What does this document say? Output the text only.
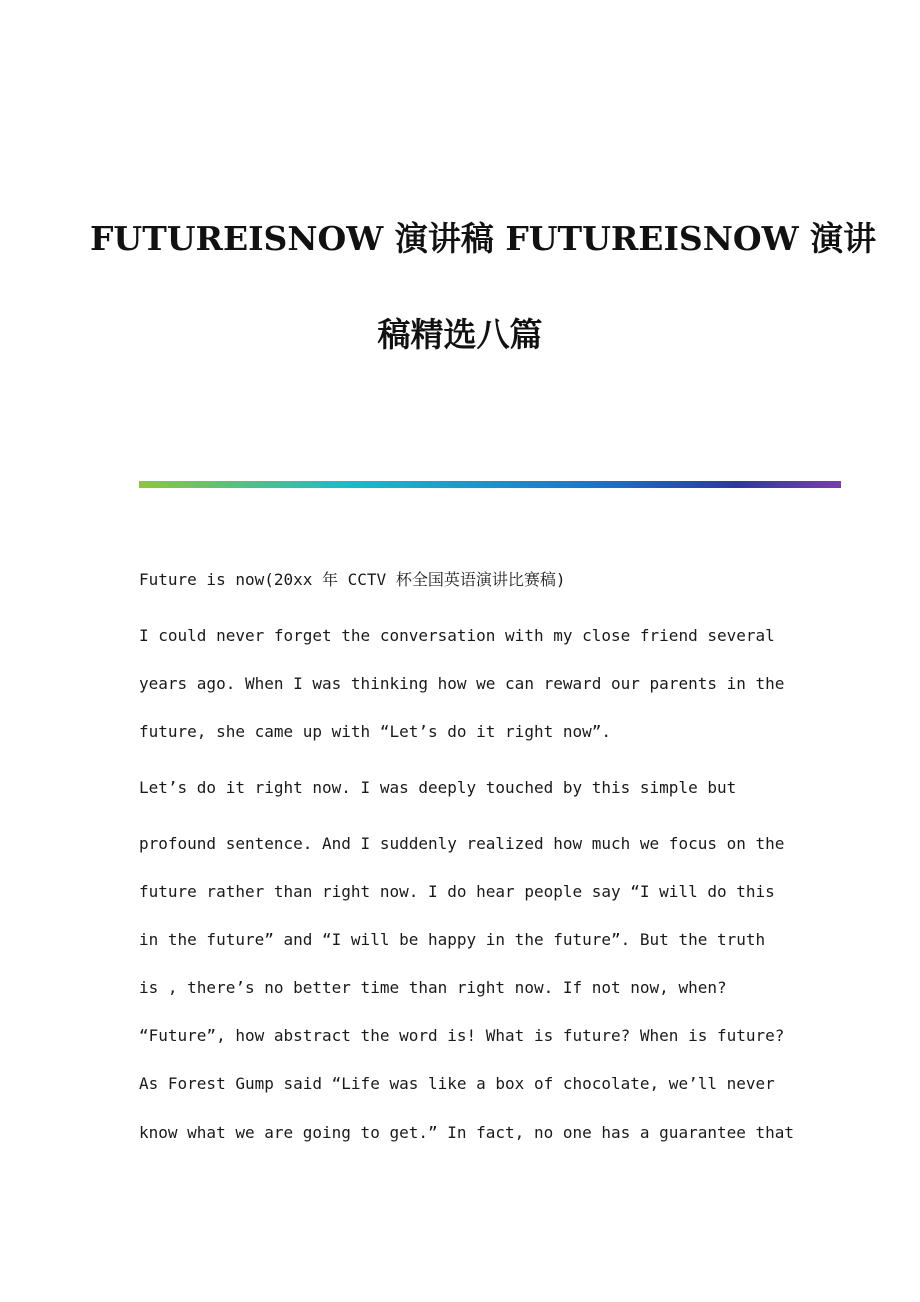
FUTUREISNOW 演讲稿 FUTUREISNOW 演讲
稿精选八篇
Future is now(20xx 年 CCTV 杯全国英语演讲比赛稿)
I could never forget the conversation with my close friend several
years ago. When I was thinking how we can reward our parents in the
future, she came up with “Let’s do it right now”.
Let’s do it right now. I was deeply touched by this simple but
profound sentence. And I suddenly realized how much we focus on the
future rather than right now. I do hear people say “I will do this
in the future” and “I will be happy in the future”. But the truth
is , there’s no better time than right now. If not now, when?
“Future”, how abstract the word is! What is future? When is future?
As Forest Gump said “Life was like a box of chocolate, we’ll never
know what we are going to get.” In fact, no one has a guarantee that
